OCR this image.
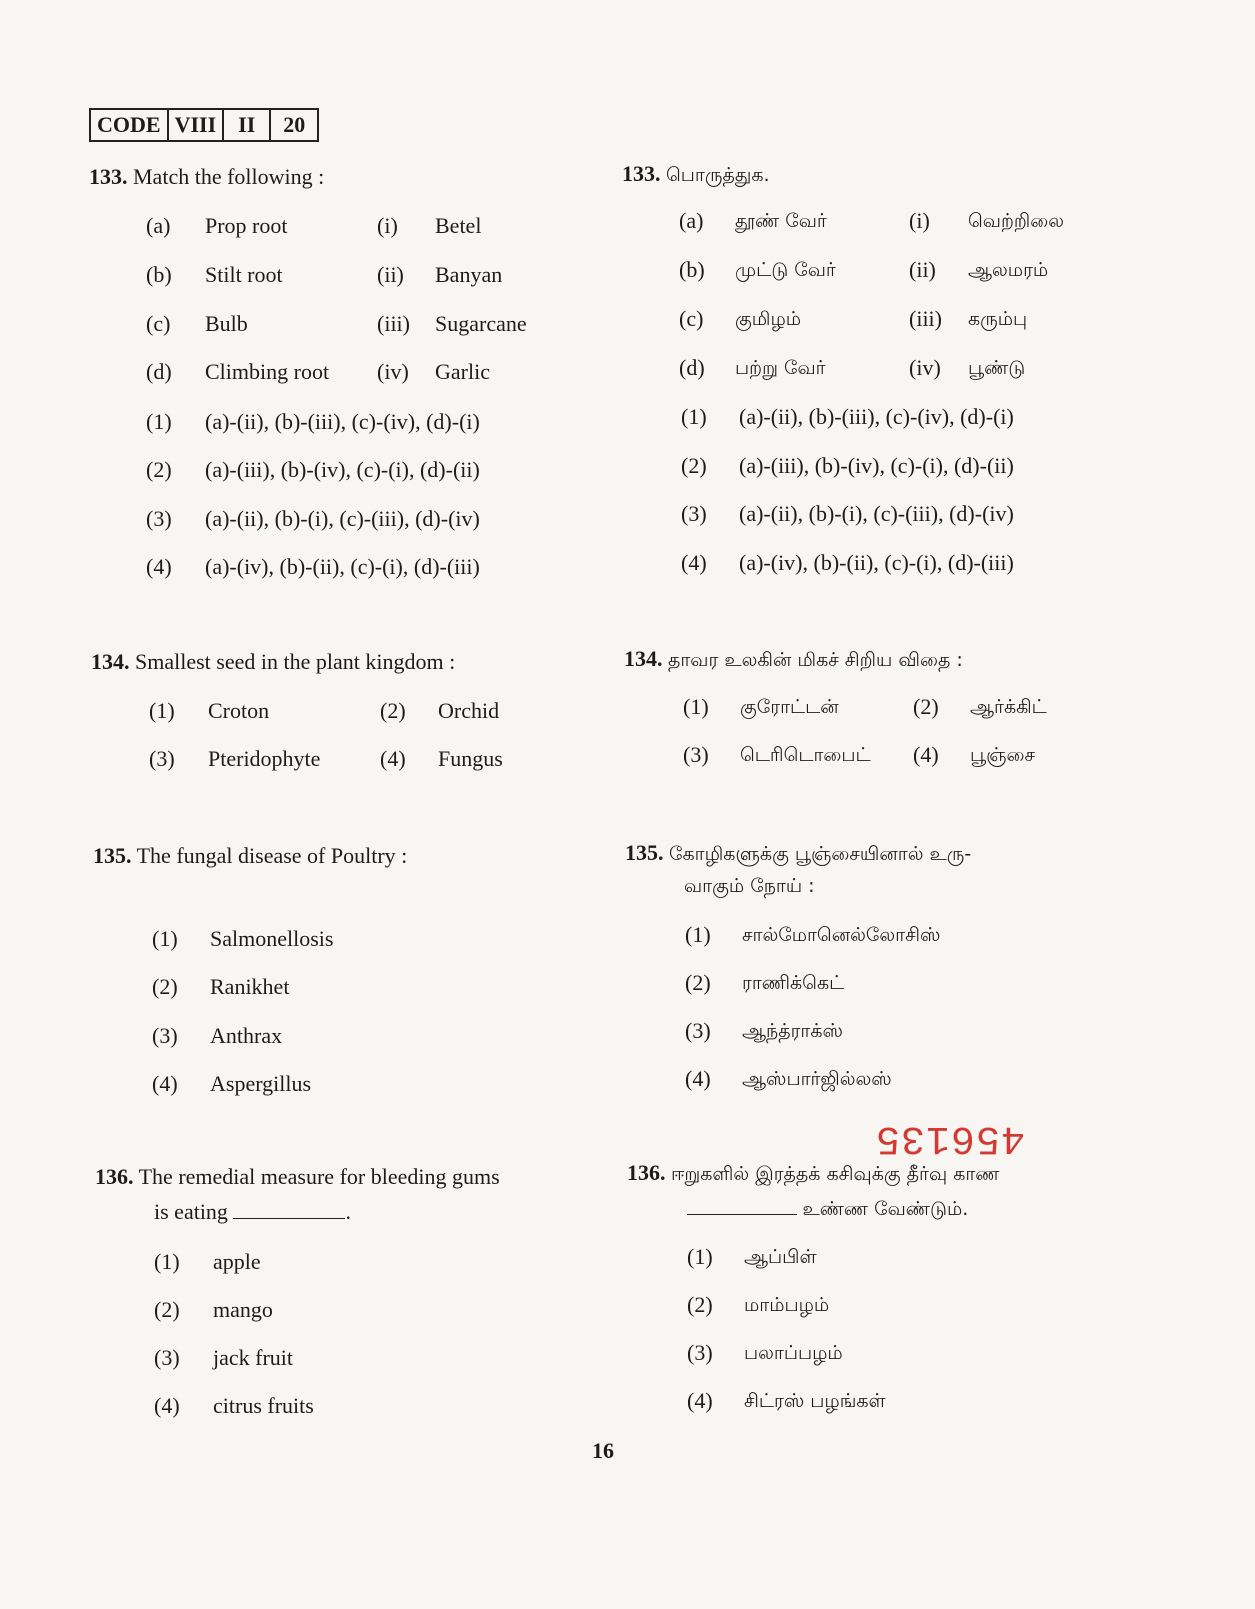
CODE VIII	II	20
133. Match the following :
(a) Prop root	(i) Betel
(b) Stilt root	(ii) Banyan
(c) Bulb	(iii) Sugarcane
(d) Climbing root (iv) Garlic
(1) (a)-(ii), (b)-(iii), (c)-(iv), (d)-(i)
(2) (a)-(iii), (b)-(iv), (c)-(i), (d)-(ii)
(3) (a)-(ii), (b)-(i), (c)-(iii), (d)-(iv)
(4) (a)-(iv), (b)-(ii), (c)-(i), (d)-(iii)
134. Smallest seed in the plant kingdom :
(1) Croton	(2) Orchid
(3) Pteridophyte	(4) Fungus
135. The fungal disease of Poultry :
(1) Salmonellosis
(2) Ranikhet
(3) Anthrax
(4) Aspergillus
136. The remedial measure for bleeding gums
is eating	.
(1) apple
(2) mango
(3) jack fruit
(4) citrus fruits
133. பொருத்துக.
(a) தூண் வேர்	(i) வெற்றிலை
(b) முட்டு வேர்	(ii) ஆலமரம்
(c) குமிழம்	(iii) கரும்பு
(d) பற்று வேர்	(iv) பூண்டு
(1) (a)-(ii), (b)-(iii), (c)-(iv), (d)-(i)
(2) (a)-(iii), (b)-(iv), (c)-(i), (d)-(ii)
(3) (a)-(ii), (b)-(i), (c)-(iii), (d)-(iv)
(4) (a)-(iv), (b)-(ii), (c)-(i), (d)-(iii)
134. தாவர உலகின் மிகச் சிறிய விதை :
(1) குரோட்டன்	(2) ஆர்க்கிட்
(3) டெரிடொபைட் (4) பூஞ்சை
135. கோழிகளுக்கு பூஞ்சையினால் உரு-
வாகும் நோய் :
(1) சால்மோனெல்லோசிஸ்
(2) ராணிக்கெட்
(3) ஆந்த்ராக்ஸ்
(4) ஆஸ்பார்ஜில்லஸ்
456135
136. ஈறுகளில் இரத்தக் கசிவுக்கு தீர்வு காண
உண்ண வேண்டும்.
(1) ஆப்பிள்
(2) மாம்பழம்
(3) பலாப்பழம்
(4) சிட்ரஸ் பழங்கள்
16
